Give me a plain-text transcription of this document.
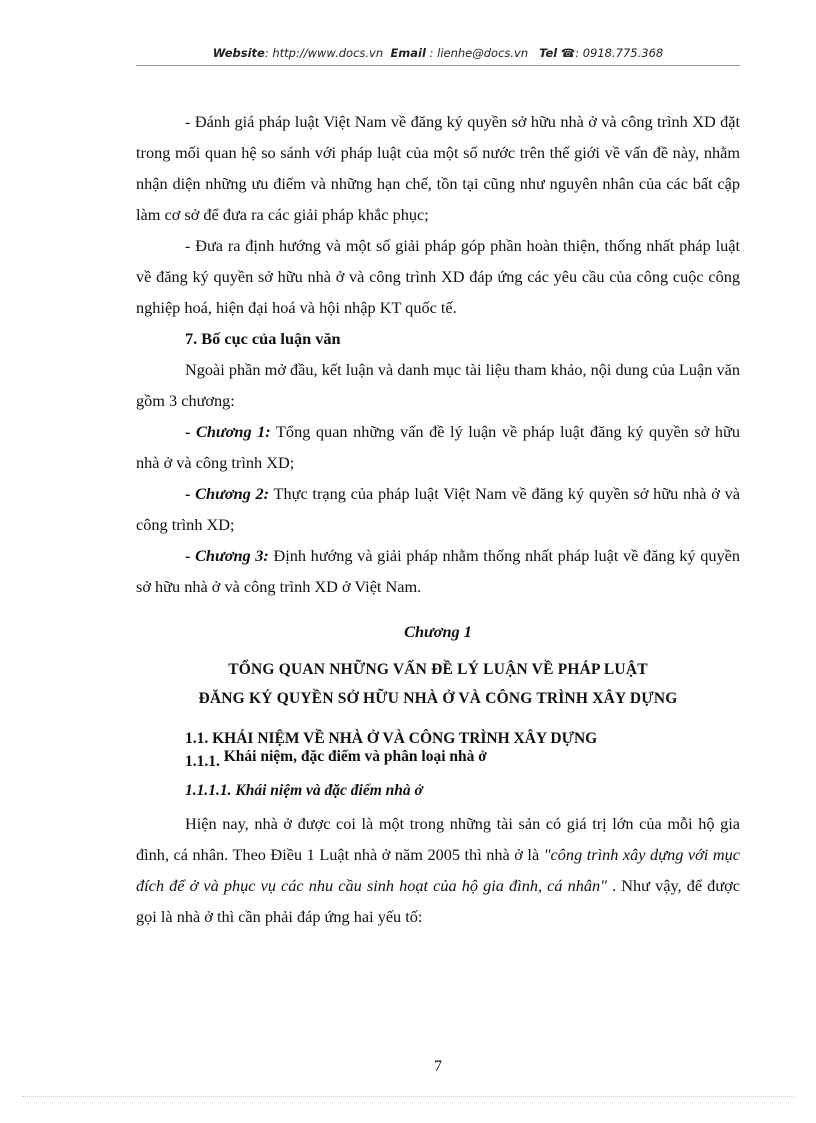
Website: http://www.docs.vn Email : lienhe@docs.vn Tel ☎: 0918.775.368

- Đánh giá pháp luật Việt Nam về đăng ký quyền sở hữu nhà ở và công trình XD đặt trong mối quan hệ so sánh với pháp luật của một số nước trên thế giới về vấn đề này, nhằm nhận diện những ưu điểm và những hạn chế, tồn tại cũng như nguyên nhân của các bất cập làm cơ sở để đưa ra các giải pháp khắc phục;

- Đưa ra định hướng và một số giải pháp góp phần hoàn thiện, thống nhất pháp luật về đăng ký quyền sở hữu nhà ở và công trình XD đáp ứng các yêu cầu của công cuộc công nghiệp hoá, hiện đại hoá và hội nhập KT quốc tế.

7. Bố cục của luận văn

Ngoài phần mở đầu, kết luận và danh mục tài liệu tham khảo, nội dung của Luận văn gồm 3 chương:

- Chương 1: Tổng quan những vấn đề lý luận về pháp luật đăng ký quyền sở hữu nhà ở và công trình XD;

- Chương 2: Thực trạng của pháp luật Việt Nam về đăng ký quyền sở hữu nhà ở và công trình XD;

- Chương 3: Định hướng và giải pháp nhằm thống nhất pháp luật về đăng ký quyền sở hữu nhà ở và công trình XD ở Việt Nam.

Chương 1

TỔNG QUAN NHỮNG VẤN ĐỀ LÝ LUẬN VỀ PHÁP LUẬT

ĐĂNG KÝ QUYỀN SỞ HỮU NHÀ Ở VÀ CÔNG TRÌNH XÂY DỰNG

1.1. KHÁI NIỆM VỀ NHÀ Ở VÀ CÔNG TRÌNH XÂY DỰNG

1.1.1. Khái niệm, đặc điểm và phân loại nhà ở

1.1.1.1. Khái niệm và đặc điểm nhà ở

Hiện nay, nhà ở được coi là một trong những tài sản có giá trị lớn của mỗi hộ gia đình, cá nhân. Theo Điều 1 Luật nhà ở năm 2005 thì nhà ở là "công trình xây dựng với mục đích để ở và phục vụ các nhu cầu sinh hoạt của hộ gia đình, cá nhân" . Như vậy, để được gọi là nhà ở thì cần phải đáp ứng hai yếu tố:

7
